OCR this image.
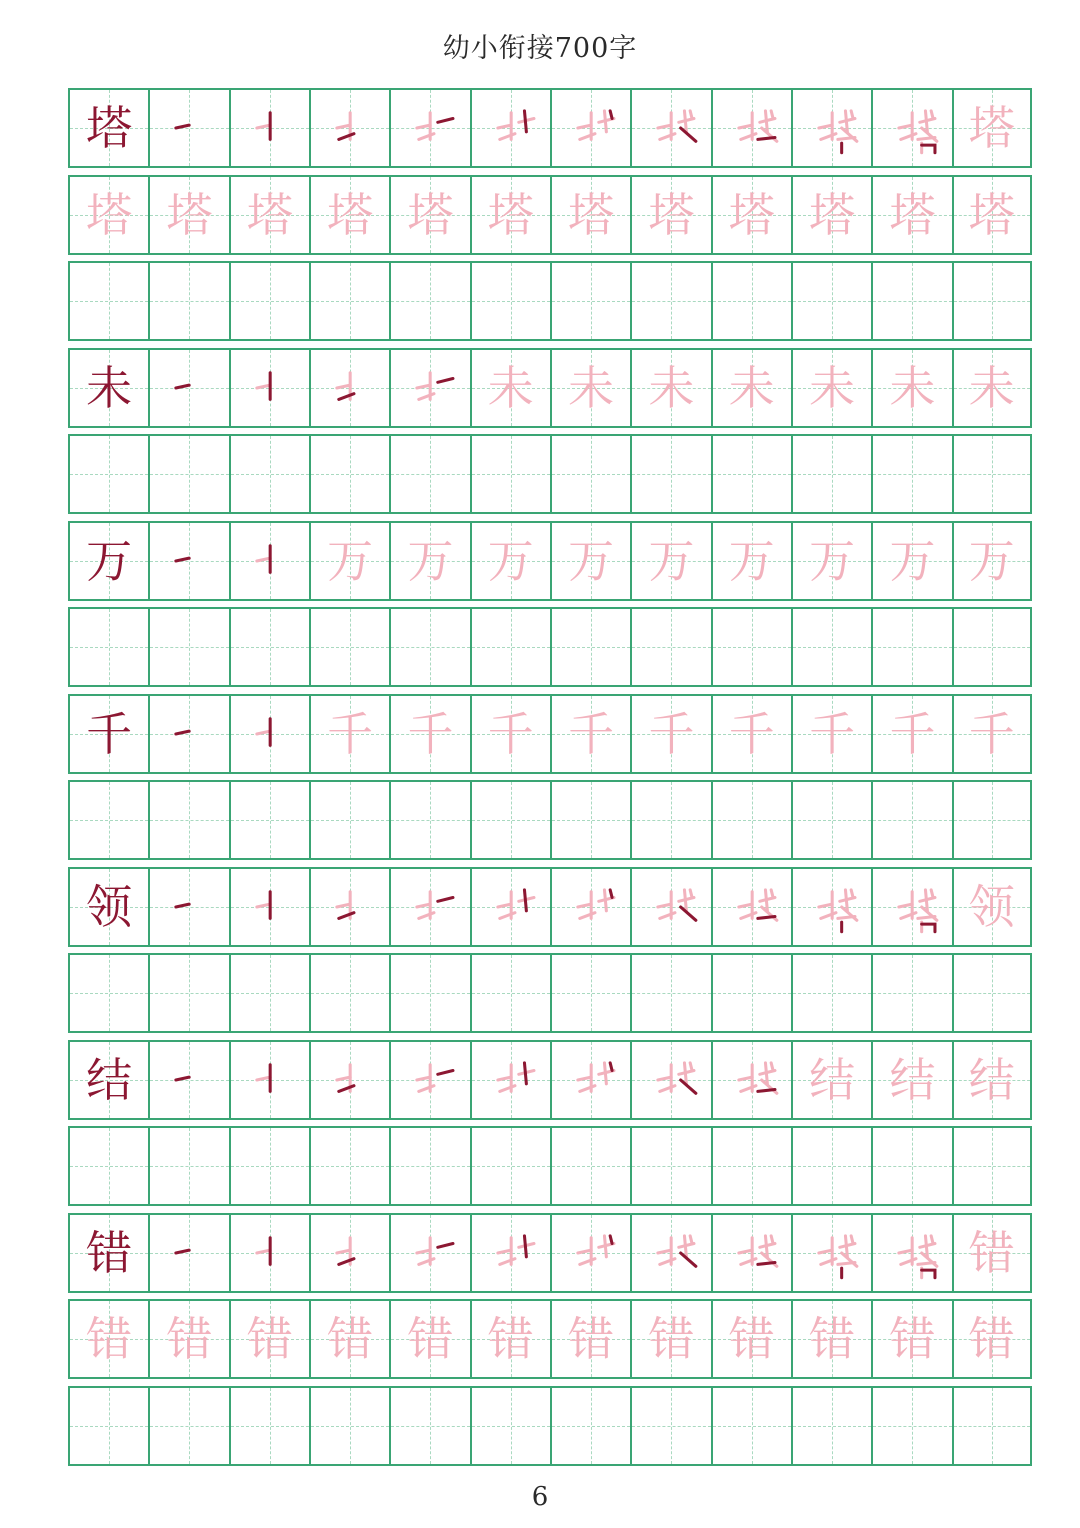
幼小衔接700字
塔	塔
塔 塔 塔 塔 塔 塔 塔 塔 塔 塔 塔 塔
未	未 未 未 未 未 未 未
万	万 万 万 万 万 万 万 万 万
千	千 千 千 千 千 千 千 千 千
领	领
结	结 结 结
错	错
错 错 错 错 错 错 错 错 错 错 错 错
6
